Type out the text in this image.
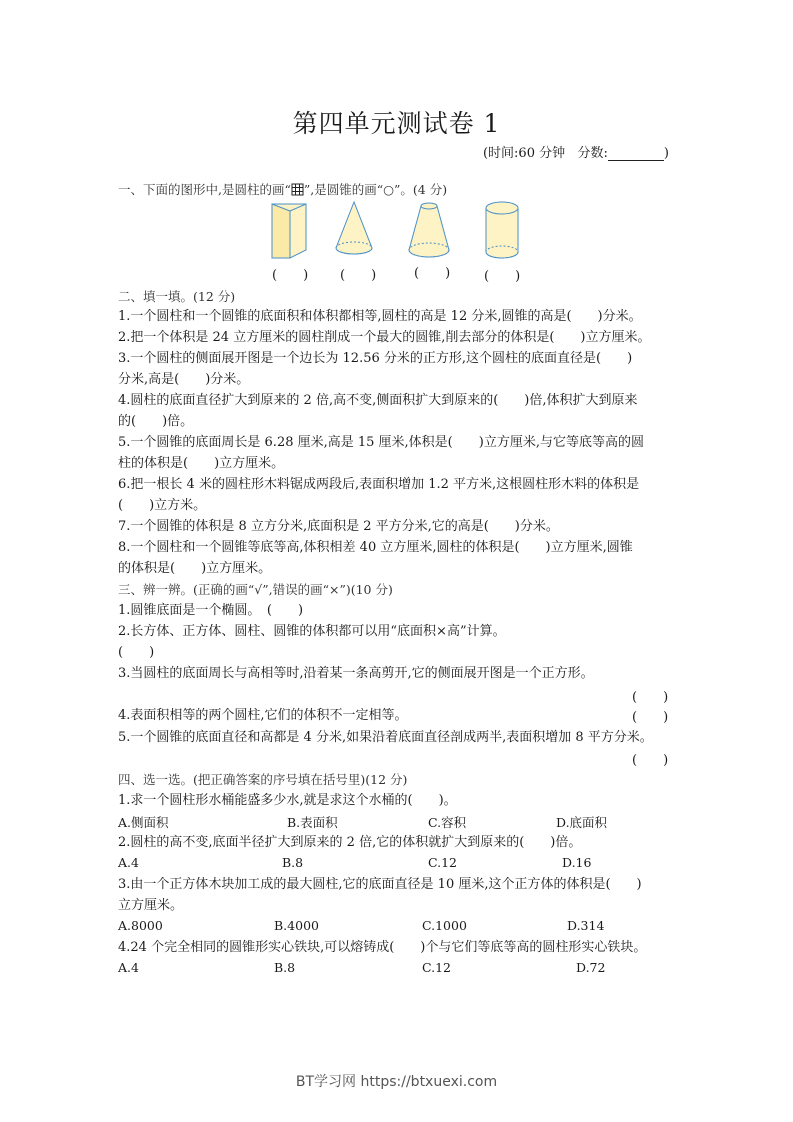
第四单元测试卷 1
(时间:60 分钟 分数:	)
一、下面的图形中,是圆柱的画“ ”,是圆锥的画“○”。(4 分)
(　　) (　　)	(　　)	(　　)
二、填一填。(12 分)
1.一个圆柱和一个圆锥的底面积和体积都相等,圆柱的高是 12 分米,圆锥的高是(　　)分米。
2.把一个体积是 24 立方厘米的圆柱削成一个最大的圆锥,削去部分的体积是(　　)立方厘米。
3.一个圆柱的侧面展开图是一个边长为 12.56 分米的正方形,这个圆柱的底面直径是(　　)
分米,高是(　　)分米。
4.圆柱的底面直径扩大到原来的 2 倍,高不变,侧面积扩大到原来的(　　)倍,体积扩大到原来
的(　　)倍。
5.一个圆锥的底面周长是 6.28 厘米,高是 15 厘米,体积是(　　)立方厘米,与它等底等高的圆
柱的体积是(　　)立方厘米。
6.把一根长 4 米的圆柱形木料锯成两段后,表面积增加 1.2 平方米,这根圆柱形木料的体积是
(　　)立方米。
7.一个圆锥的体积是 8 立方分米,底面积是 2 平方分米,它的高是(　　)分米。
8.一个圆柱和一个圆锥等底等高,体积相差 40 立方厘米,圆柱的体积是(　　)立方厘米,圆锥
的体积是(　　)立方厘米。
三、辨一辨。(正确的画“√”,错误的画“×”)(10 分)
1.圆锥底面是一个椭圆。　(　　)
2.长方体、正方体、圆柱、圆锥的体积都可以用“底面积×高”计算。
(　　)
3.当圆柱的底面周长与高相等时,沿着某一条高剪开,它的侧面展开图是一个正方形。
(　　)
4.表面积相等的两个圆柱,它们的体积不一定相等。	(　　)
5.一个圆锥的底面直径和高都是 4 分米,如果沿着底面直径剖成两半,表面积增加 8 平方分米。
(　　)
四、选一选。(把正确答案的序号填在括号里)(12 分)
1.求一个圆柱形水桶能盛多少水,就是求这个水桶的(　　)。
A.侧面积	B.表面积	C.容积	D.底面积
2.圆柱的高不变,底面半径扩大到原来的 2 倍,它的体积就扩大到原来的(　　)倍。
A.4	B.8	C.12	D.16
3.由一个正方体木块加工成的最大圆柱,它的底面直径是 10 厘米,这个正方体的体积是(　　)
立方厘米。
A.8000	B.4000	C.1000	D.314
4.24 个完全相同的圆锥形实心铁块,可以熔铸成(　　)个与它们等底等高的圆柱形实心铁块。
A.4	B.8	C.12	D.72
BT学习网 https://btxuexi.com
